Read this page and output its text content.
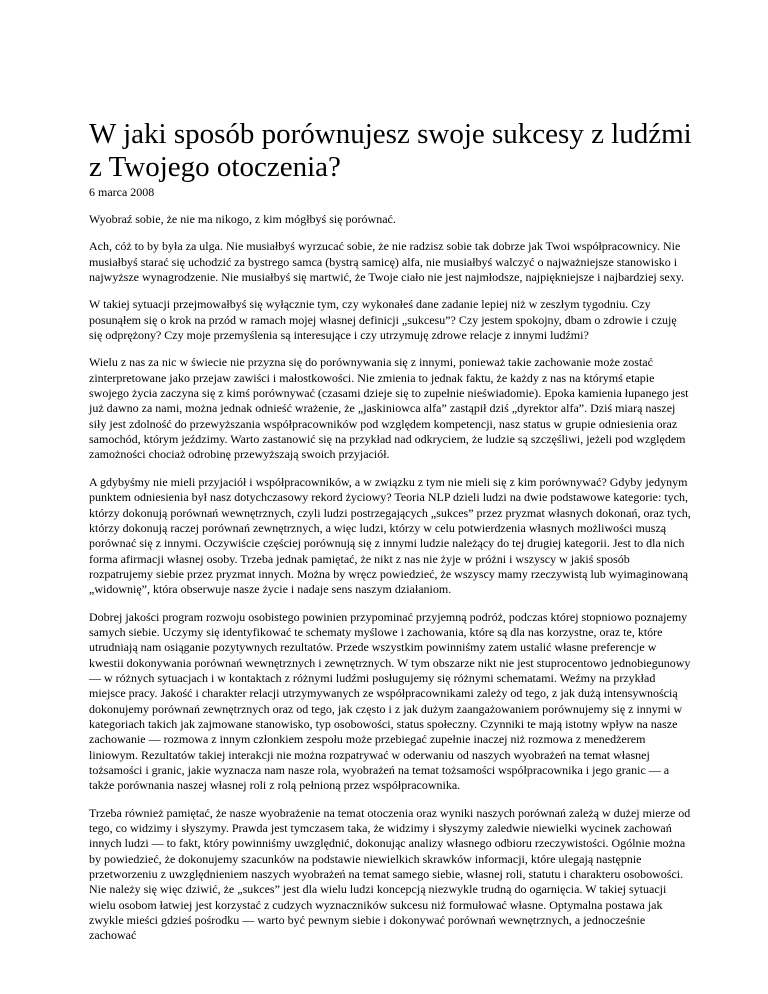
W jaki sposób porównujesz swoje sukcesy z ludźmi z Twojego otoczenia?
6 marca 2008

Wyobraź sobie, że nie ma nikogo, z kim mógłbyś się porównać.

Ach, cóż to by była za ulga. Nie musiałbyś wyrzucać sobie, że nie radzisz sobie tak dobrze jak Twoi współpracownicy. Nie musiałbyś starać się uchodzić za bystrego samca (bystrą samicę) alfa, nie musiałbyś walczyć o najważniejsze stanowisko i najwyższe wynagrodzenie. Nie musiałbyś się martwić, że Twoje ciało nie jest najmłodsze, najpiękniejsze i najbardziej sexy.

W takiej sytuacji przejmowałbyś się wyłącznie tym, czy wykonałeś dane zadanie lepiej niż w zeszłym tygodniu. Czy posunąłem się o krok na przód w ramach mojej własnej definicji „sukcesu”? Czy jestem spokojny, dbam o zdrowie i czuję się odprężony? Czy moje przemyślenia są interesujące i czy utrzymuję zdrowe relacje z innymi ludźmi?

Wielu z nas za nic w świecie nie przyzna się do porównywania się z innymi, ponieważ takie zachowanie może zostać zinterpretowane jako przejaw zawiści i małostkowości. Nie zmienia to jednak faktu, że każdy z nas na którymś etapie swojego życia zaczyna się z kimś porównywać (czasami dzieje się to zupełnie nieświadomie). Epoka kamienia łupanego jest już dawno za nami, można jednak odnieść wrażenie, że „jaskiniowca alfa” zastąpił dziś „dyrektor alfa”. Dziś miarą naszej siły jest zdolność do przewyższania współpracowników pod względem kompetencji, nasz status w grupie odniesienia oraz samochód, którym jeździmy. Warto zastanowić się na przykład nad odkryciem, że ludzie są szczęśliwi, jeżeli pod względem zamożności chociaż odrobinę przewyższają swoich przyjaciół.

A gdybyśmy nie mieli przyjaciół i współpracowników, a w związku z tym nie mieli się z kim porównywać? Gdyby jedynym punktem odniesienia był nasz dotychczasowy rekord życiowy? Teoria NLP dzieli ludzi na dwie podstawowe kategorie: tych, którzy dokonują porównań wewnętrznych, czyli ludzi postrzegających „sukces” przez pryzmat własnych dokonań, oraz tych, którzy dokonują raczej porównań zewnętrznych, a więc ludzi, którzy w celu potwierdzenia własnych możliwości muszą porównać się z innymi. Oczywiście częściej porównują się z innymi ludzie należący do tej drugiej kategorii. Jest to dla nich forma afirmacji własnej osoby. Trzeba jednak pamiętać, że nikt z nas nie żyje w próżni i wszyscy w jakiś sposób rozpatrujemy siebie przez pryzmat innych. Można by wręcz powiedzieć, że wszyscy mamy rzeczywistą lub wyimaginowaną „widownię”, która obserwuje nasze życie i nadaje sens naszym działaniom.

Dobrej jakości program rozwoju osobistego powinien przypominać przyjemną podróż, podczas której stopniowo poznajemy samych siebie. Uczymy się identyfikować te schematy myślowe i zachowania, które są dla nas korzystne, oraz te, które utrudniają nam osiąganie pozytywnych rezultatów. Przede wszystkim powinniśmy zatem ustalić własne preferencje w kwestii dokonywania porównań wewnętrznych i zewnętrznych. W tym obszarze nikt nie jest stuprocentowo jednobiegunowy — w różnych sytuacjach i w kontaktach z różnymi ludźmi posługujemy się różnymi schematami. Weźmy na przykład miejsce pracy. Jakość i charakter relacji utrzymywanych ze współpracownikami zależy od tego, z jak dużą intensywnością dokonujemy porównań zewnętrznych oraz od tego, jak często i z jak dużym zaangażowaniem porównujemy się z innymi w kategoriach takich jak zajmowane stanowisko, typ osobowości, status społeczny. Czynniki te mają istotny wpływ na nasze zachowanie — rozmowa z innym członkiem zespołu może przebiegać zupełnie inaczej niż rozmowa z menedżerem liniowym. Rezultatów takiej interakcji nie można rozpatrywać w oderwaniu od naszych wyobrażeń na temat własnej tożsamości i granic, jakie wyznacza nam nasze rola, wyobrażeń na temat tożsamości współpracownika i jego granic — a także porównania naszej własnej roli z rolą pełnioną przez współpracownika.

Trzeba również pamiętać, że nasze wyobrażenie na temat otoczenia oraz wyniki naszych porównań zależą w dużej mierze od tego, co widzimy i słyszymy. Prawda jest tymczasem taka, że widzimy i słyszymy zaledwie niewielki wycinek zachowań innych ludzi — to fakt, który powinniśmy uwzględnić, dokonując analizy własnego odbioru rzeczywistości. Ogólnie można by powiedzieć, że dokonujemy szacunków na podstawie niewielkich skrawków informacji, które ulegają następnie przetworzeniu z uwzględnieniem naszych wyobrażeń na temat samego siebie, własnej roli, statutu i charakteru osobowości. Nie należy się więc dziwić, że „sukces” jest dla wielu ludzi koncepcją niezwykle trudną do ogarnięcia. W takiej sytuacji wielu osobom łatwiej jest korzystać z cudzych wyznaczników sukcesu niż formułować własne. Optymalna postawa jak zwykle mieści gdzieś pośrodku — warto być pewnym siebie i dokonywać porównań wewnętrznych, a jednocześnie zachować
